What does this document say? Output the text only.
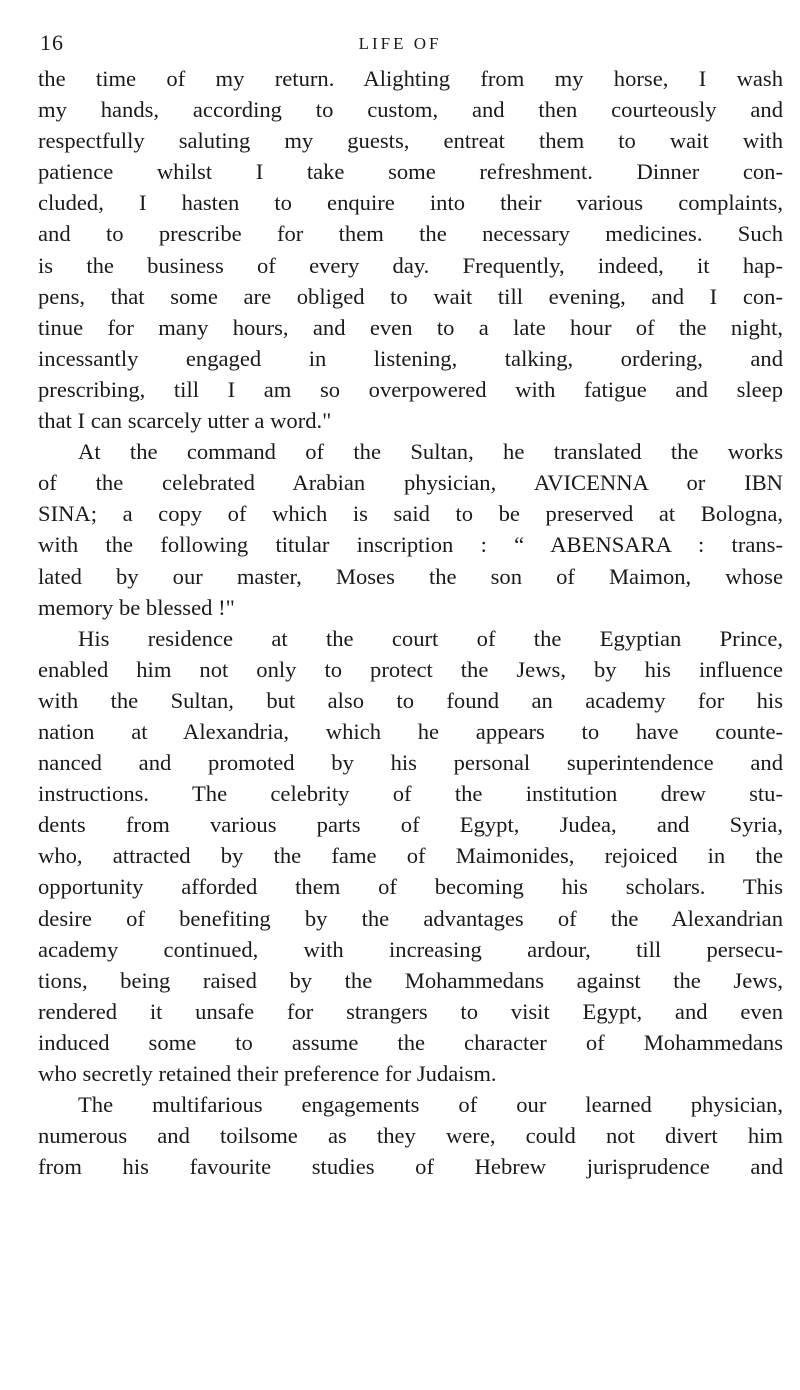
16	LIFE OF
the time of my return. Alighting from my horse, I wash
my hands, according to custom, and then courteously and
respectfully saluting my guests, entreat them to wait with
patience whilst I take some refreshment. Dinner con-
cluded, I hasten to enquire into their various complaints,
and to prescribe for them the necessary medicines. Such
is the business of every day. Frequently, indeed, it hap-
pens, that some are obliged to wait till evening, and I con-
tinue for many hours, and even to a late hour of the night,
incessantly engaged in listening, talking, ordering, and
prescribing, till I am so overpowered with fatigue and sleep
that I can scarcely utter a word."
At the command of the Sultan, he translated the works
of the celebrated Arabian physician, AVICENNA or IBN
SINA; a copy of which is said to be preserved at Bologna,
with the following titular inscription : “ ABENSARA : trans-
lated by our master, Moses the son of Maimon, whose
memory be blessed !"
His residence at the court of the Egyptian Prince,
enabled him not only to protect the Jews, by his influence
with the Sultan, but also to found an academy for his
nation at Alexandria, which he appears to have counte-
nanced and promoted by his personal superintendence and
instructions. The celebrity of the institution drew stu-
dents from various parts of Egypt, Judea, and Syria,
who, attracted by the fame of Maimonides, rejoiced in the
opportunity afforded them of becoming his scholars. This
desire of benefiting by the advantages of the Alexandrian
academy continued, with increasing ardour, till persecu-
tions, being raised by the Mohammedans against the Jews,
rendered it unsafe for strangers to visit Egypt, and even
induced some to assume the character of Mohammedans
who secretly retained their preference for Judaism.
The multifarious engagements of our learned physician,
numerous and toilsome as they were, could not divert him
from his favourite studies of Hebrew jurisprudence and
